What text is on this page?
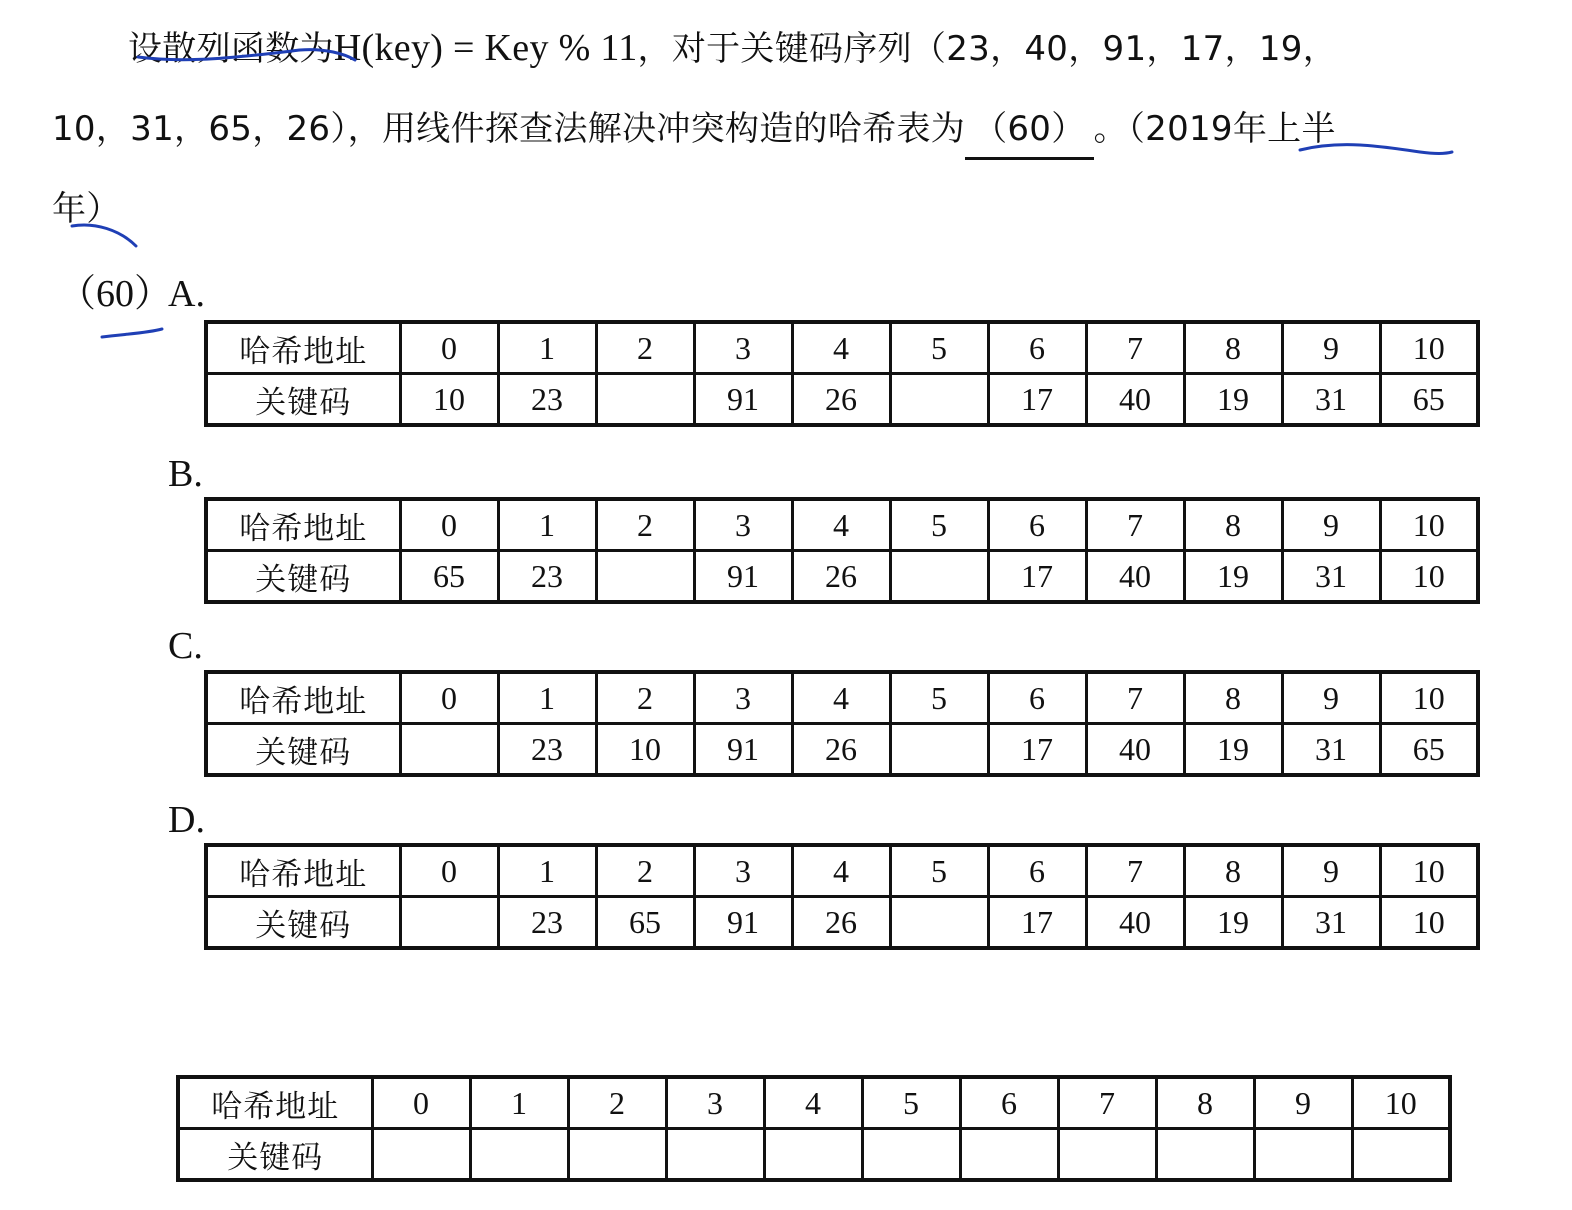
设散列函数为H(key) = Key % 11，对于关键码序列（23，40，91，17，19，
10，31，65，26），用线件探查法解决冲突构造的哈希表为 （60） 。（2019年上半
年）
（60）
A.
哈希地址	0	1	2	3	4	5	6	7	8	9	10
关键码	10	23		91	26		17	40	19	31	65
B.
哈希地址	0	1	2	3	4	5	6	7	8	9	10
关键码	65	23		91	26		17	40	19	31	10
C.
哈希地址	0	1	2	3	4	5	6	7	8	9	10
关键码		23	10	91	26		17	40	19	31	65
D.
哈希地址	0	1	2	3	4	5	6	7	8	9	10
关键码		23	65	91	26		17	40	19	31	10
哈希地址	0	1	2	3	4	5	6	7	8	9	10
关键码											
